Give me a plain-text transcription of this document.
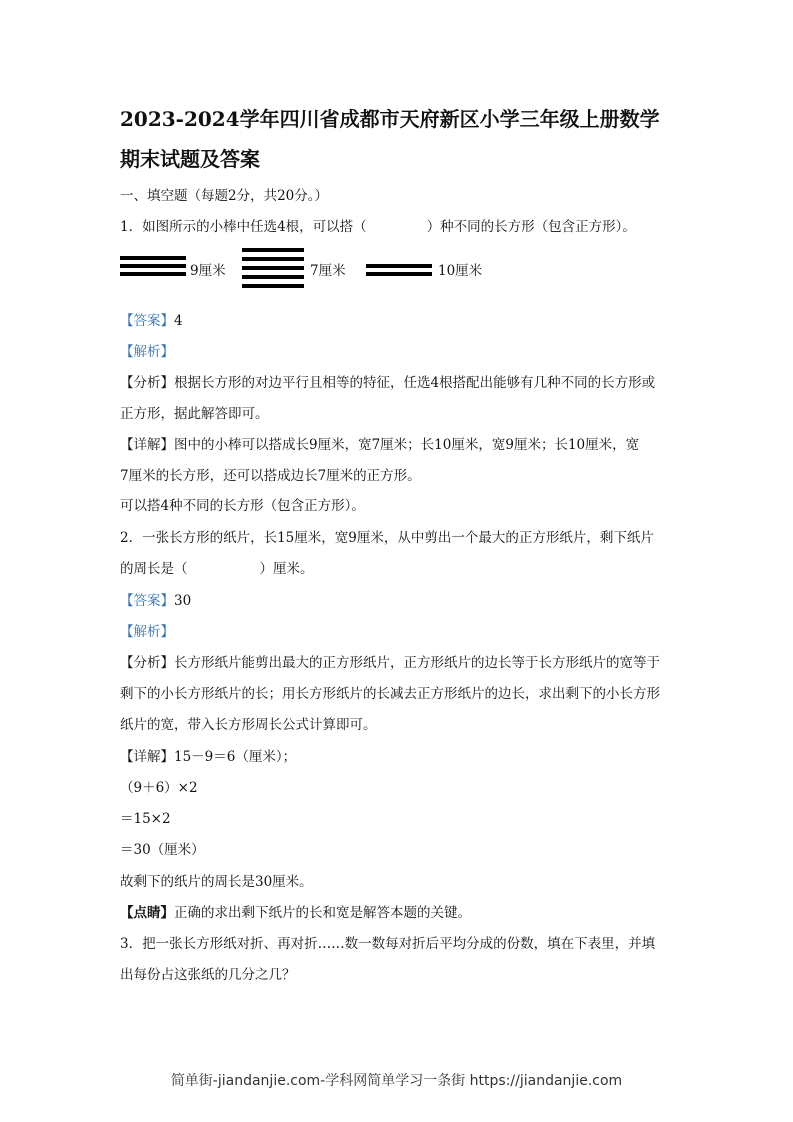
2023-2024学年四川省成都市天府新区小学三年级上册数学
期末试题及答案
一、填空题（每题2分，共20分。）
1．如图所示的小棒中任选4根，可以搭（	）种不同的长方形（包含正方形）。
9厘米	7厘米	10厘米
【答案】4
【解析】
【分析】根据长方形的对边平行且相等的特征，任选4根搭配出能够有几种不同的长方形或
正方形，据此解答即可。
【详解】图中的小棒可以搭成长9厘米，宽7厘米；长10厘米，宽9厘米；长10厘米，宽
7厘米的长方形，还可以搭成边长7厘米的正方形。
可以搭4种不同的长方形（包含正方形）。
2．一张长方形的纸片，长15厘米，宽9厘米，从中剪出一个最大的正方形纸片，剩下纸片
的周长是（	）厘米。
【答案】30
【解析】
【分析】长方形纸片能剪出最大的正方形纸片，正方形纸片的边长等于长方形纸片的宽等于
剩下的小长方形纸片的长；用长方形纸片的长减去正方形纸片的边长，求出剩下的小长方形
纸片的宽，带入长方形周长公式计算即可。
【详解】15－9＝6（厘米）；
（9＋6）×2
＝15×2
＝30（厘米）
故剩下的纸片的周长是30厘米。
【点睛】正确的求出剩下纸片的长和宽是解答本题的关键。
3．把一张长方形纸对折、再对折……数一数每对折后平均分成的份数，填在下表里，并填
出每份占这张纸的几分之几？
简单街-jiandanjie.com-学科网简单学习一条街 https://jiandanjie.com
